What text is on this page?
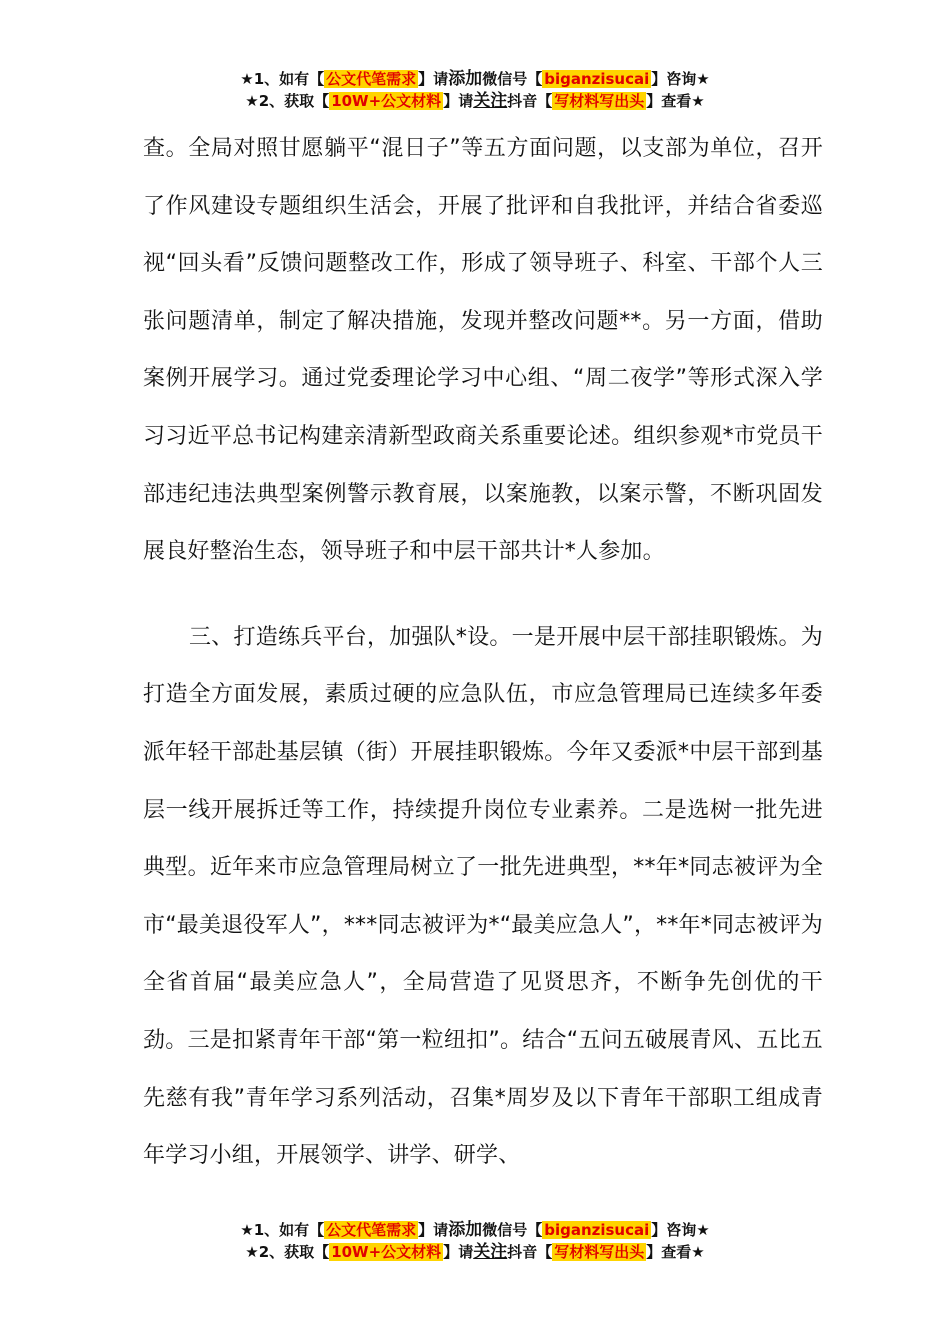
★1、如有【 公文代笔需求 】请添加微信号【 biganzisucai 】咨询★
★2、获取【 10W+公文材料 】请关注抖音【 写材料写出头 】查看★

查。全局对照甘愿躺平“混日子”等五方面问题，以支部为单位，召开了作风建设专题组织生活会，开展了批评和自我批评，并结合省委巡视“回头看”反馈问题整改工作，形成了领导班子、科室、干部个人三张问题清单，制定了解决措施，发现并整改问题**。另一方面，借助案例开展学习。通过党委理论学习中心组、“周二夜学”等形式深入学习习近平总书记构建亲清新型政商关系重要论述。组织参观*市党员干部违纪违法典型案例警示教育展，以案施教，以案示警，不断巩固发展良好整治生态，领导班子和中层干部共计*人参加。

三、打造练兵平台，加强队*设。一是开展中层干部挂职锻炼。为打造全方面发展，素质过硬的应急队伍，市应急管理局已连续多年委派年轻干部赴基层镇（街）开展挂职锻炼。今年又委派*中层干部到基层一线开展拆迁等工作，持续提升岗位专业素养。二是选树一批先进典型。近年来市应急管理局树立了一批先进典型，**年*同志被评为全市“最美退役军人”，***同志被评为*“最美应急人”，**年*同志被评为全省首届“最美应急人”，全局营造了见贤思齐，不断争先创优的干劲。三是扣紧青年干部“第一粒纽扣”。结合“五问五破展青风、五比五先慈有我”青年学习系列活动，召集*周岁及以下青年干部职工组成青年学习小组，开展领学、讲学、研学、

★1、如有【 公文代笔需求 】请添加微信号【 biganzisucai 】咨询★
★2、获取【 10W+公文材料 】请关注抖音【 写材料写出头 】查看★
